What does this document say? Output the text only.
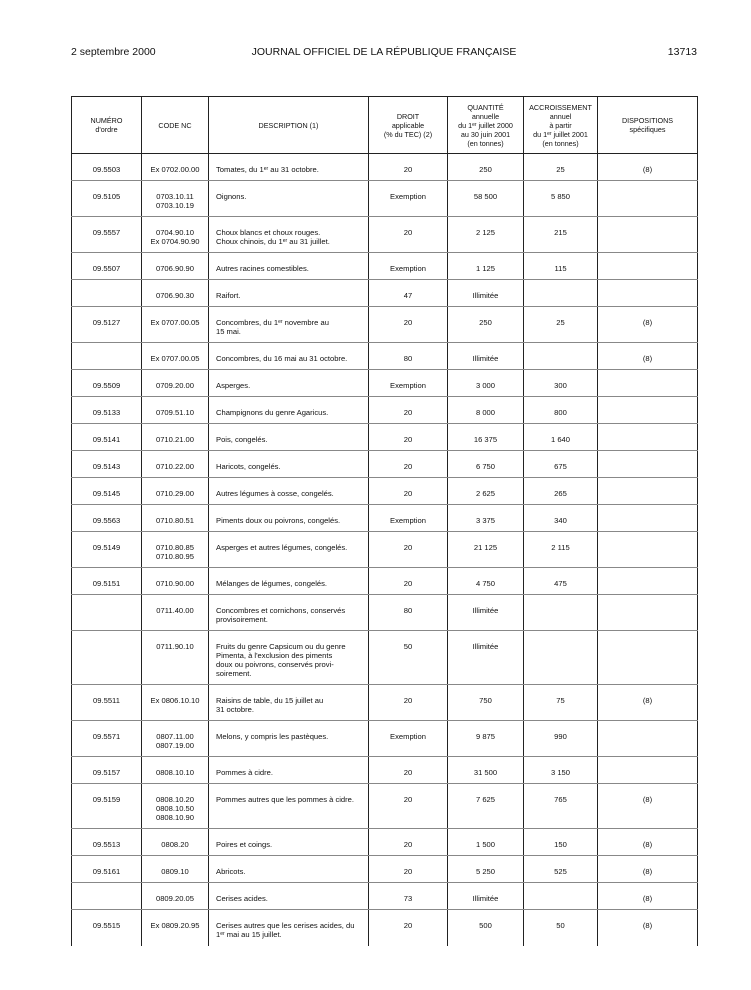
2 septembre 2000	JOURNAL OFFICIEL DE LA RÉPUBLIQUE FRANÇAISE	13713
NUMÉRO
d'ordre	CODE NC	DESCRIPTION (1)	DROIT
applicable
(% du TEC) (2)	QUANTITÉ
annuelle
du 1er juillet 2000
au 30 juin 2001
(en tonnes)	ACCROISSEMENT
annuel
à partir
du 1er juillet 2001
(en tonnes)	DISPOSITIONS
spécifiques

09.5503	Ex 0702.00.00	Tomates, du 1er au 31 octobre.	20	250	25	(8)

09.5105	0703.10.11
0703.10.19	Oignons.	Exemption	58 500	5 850	

09.5557	0704.90.10
Ex 0704.90.90	Choux blancs et choux rouges.
Choux chinois, du 1er au 31 juillet.	20	2 125	215	

09.5507	0706.90.90	Autres racines comestibles.	Exemption	1 125	115	

	0706.90.30	Raifort.	47	Illimitée		

09.5127	Ex 0707.00.05	Concombres, du 1er novembre au
15 mai.	20	250	25	(8)

	Ex 0707.00.05	Concombres, du 16 mai au 31 octobre.	80	Illimitée		(8)

09.5509	0709.20.00	Asperges.	Exemption	3 000	300	

09.5133	0709.51.10	Champignons du genre Agaricus.	20	8 000	800	

09.5141	0710.21.00	Pois, congelés.	20	16 375	1 640	

09.5143	0710.22.00	Haricots, congelés.	20	6 750	675	

09.5145	0710.29.00	Autres légumes à cosse, congelés.	20	2 625	265	

09.5563	0710.80.51	Piments doux ou poivrons, congelés.	Exemption	3 375	340	

09.5149	0710.80.85
0710.80.95	Asperges et autres légumes, congelés.	20	21 125	2 115	

09.5151	0710.90.00	Mélanges de légumes, congelés.	20	4 750	475	

	0711.40.00	Concombres et cornichons, conservés
provisoirement.	80	Illimitée		

	0711.90.10	Fruits du genre Capsicum ou du genre
Pimenta, à l'exclusion des piments
doux ou poivrons, conservés provi-
soirement.	50	Illimitée		

09.5511	Ex 0806.10.10	Raisins de table, du 15 juillet au
31 octobre.	20	750	75	(8)

09.5571	0807.11.00
0807.19.00	Melons, y compris les pastèques.	Exemption	9 875	990	

09.5157	0808.10.10	Pommes à cidre.	20	31 500	3 150	

09.5159	0808.10.20
0808.10.50
0808.10.90	Pommes autres que les pommes à cidre.	20	7 625	765	(8)

09.5513	0808.20	Poires et coings.	20	1 500	150	(8)

09.5161	0809.10	Abricots.	20	5 250	525	(8)

	0809.20.05	Cerises acides.	73	Illimitée		(8)

09.5515	Ex 0809.20.95	Cerises autres que les cerises acides, du
1er mai au 15 juillet.	20	500	50	(8)
